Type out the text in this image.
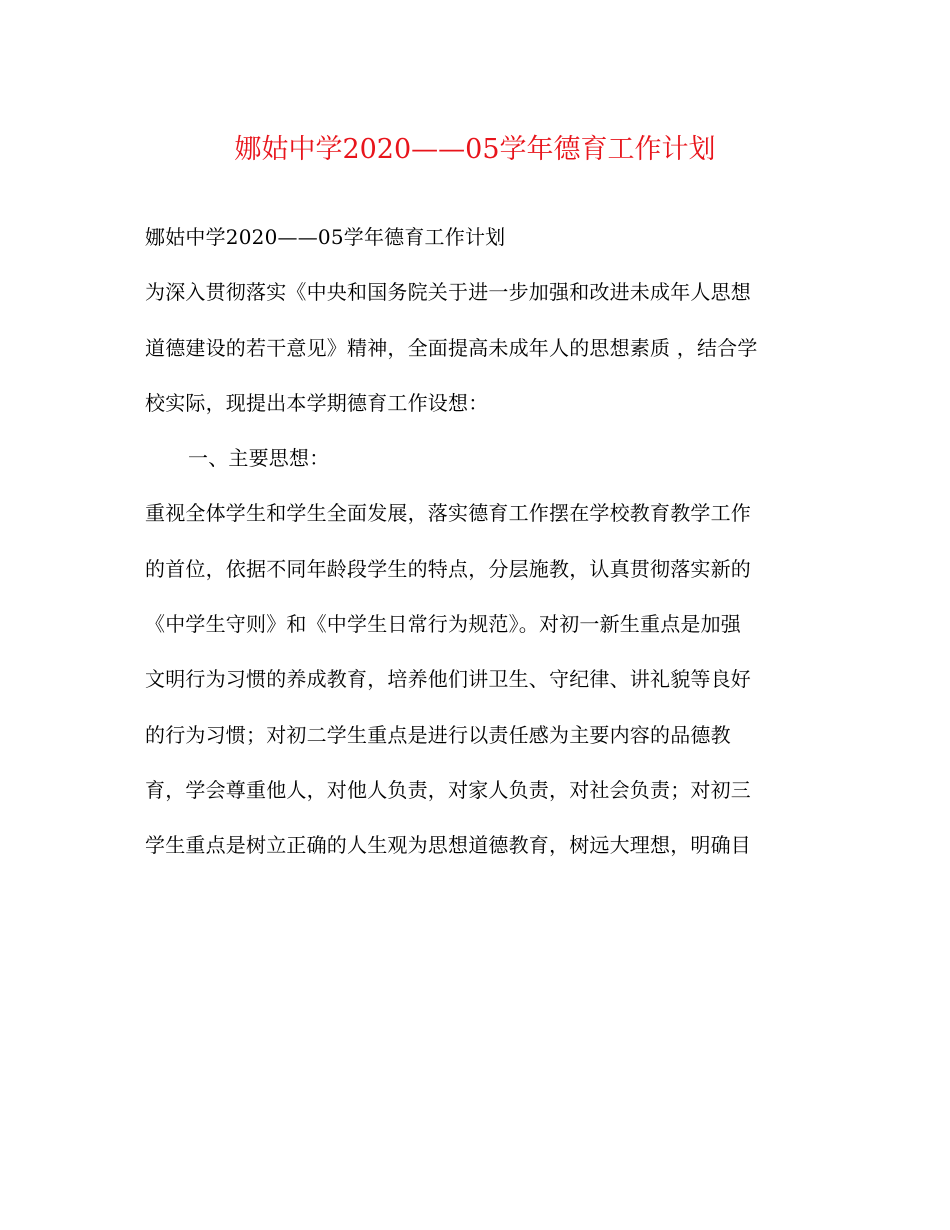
娜姑中学2020——05学年德育工作计划
娜姑中学2020——05学年德育工作计划
为深入贯彻落实《中央和国务院关于进一步加强和改进未成年人思想
道德建设的若干意见》精神，全面提高未成年人的思想素质 ，结合学
校实际，现提出本学期德育工作设想：
一、主要思想：
重视全体学生和学生全面发展，落实德育工作摆在学校教育教学工作
的首位，依据不同年龄段学生的特点，分层施教，认真贯彻落实新的
《中学生守则》和《中学生日常行为规范》。对初一新生重点是加强
文明行为习惯的养成教育，培养他们讲卫生、守纪律、讲礼貌等良好
的行为习惯；对初二学生重点是进行以责任感为主要内容的品德教
育，学会尊重他人，对他人负责，对家人负责，对社会负责；对初三
学生重点是树立正确的人生观为思想道德教育，树远大理想，明确目
